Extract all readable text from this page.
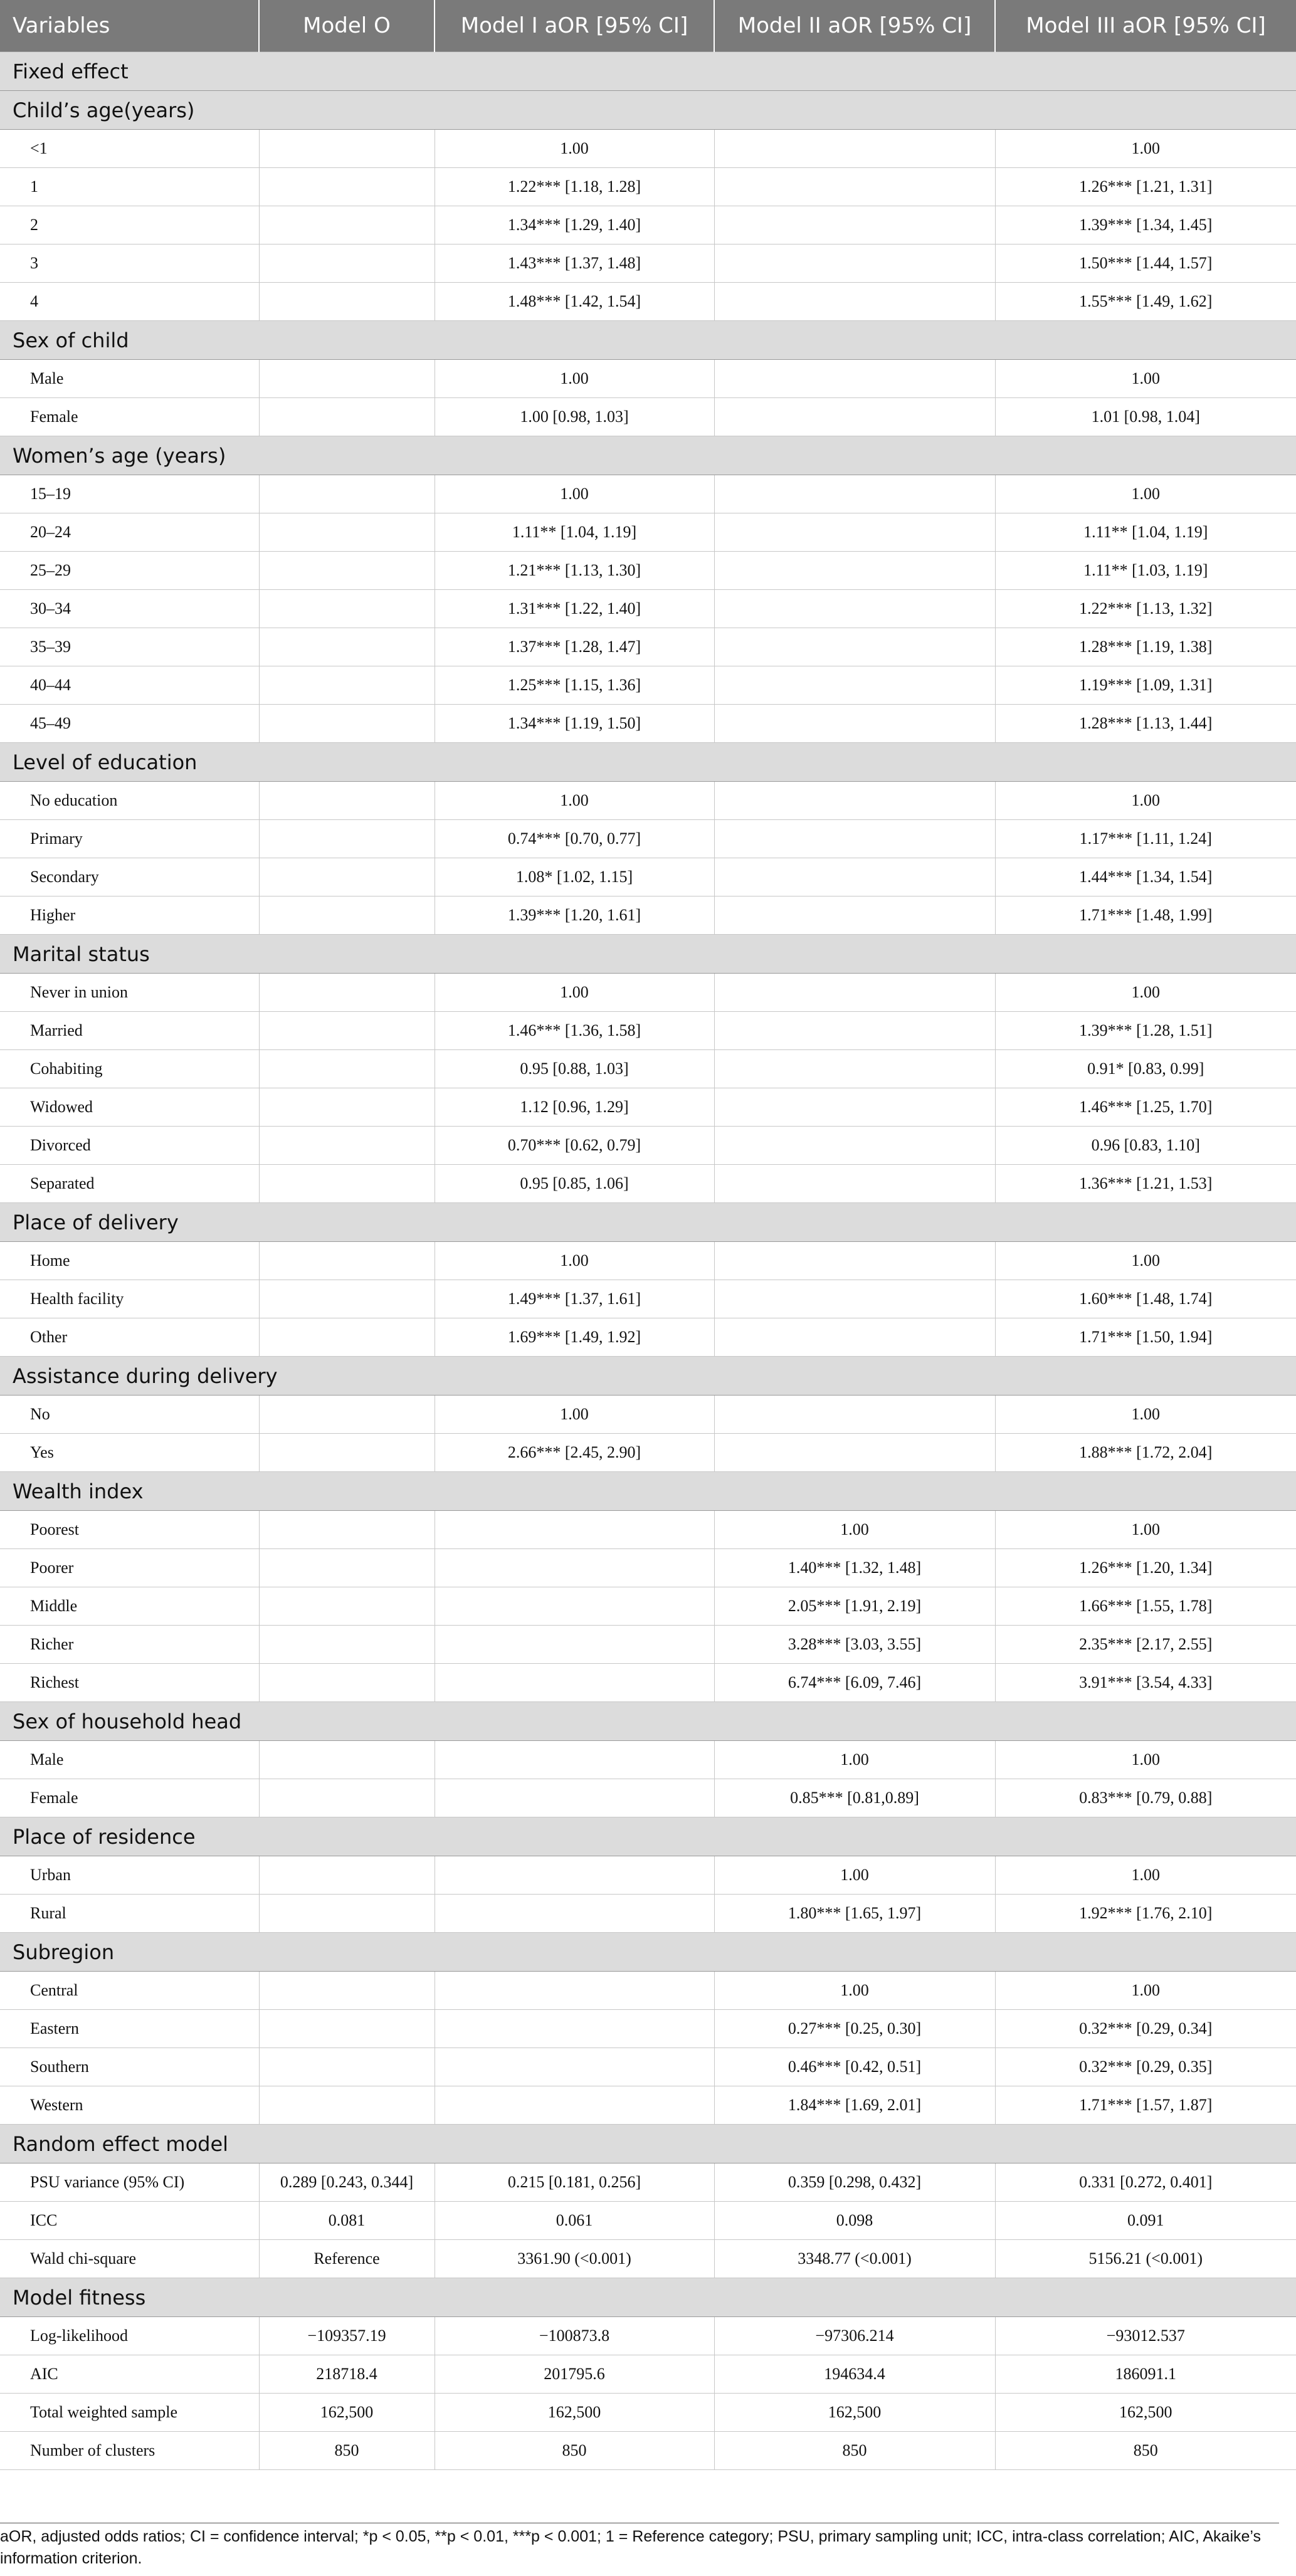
Variables	Model O	Model I aOR [95% CI]	Model II aOR [95% CI]	Model III aOR [95% CI]
Fixed effect				
Child’s age(years)				
<1		1.00		1.00
1		1.22*** [1.18, 1.28]		1.26*** [1.21, 1.31]
2		1.34*** [1.29, 1.40]		1.39*** [1.34, 1.45]
3		1.43*** [1.37, 1.48]		1.50*** [1.44, 1.57]
4		1.48*** [1.42, 1.54]		1.55*** [1.49, 1.62]
Sex of child				
Male		1.00		1.00
Female		1.00 [0.98, 1.03]		1.01 [0.98, 1.04]
Women’s age (years)				
15–19		1.00		1.00
20–24		1.11** [1.04, 1.19]		1.11** [1.04, 1.19]
25–29		1.21*** [1.13, 1.30]		1.11** [1.03, 1.19]
30–34		1.31*** [1.22, 1.40]		1.22*** [1.13, 1.32]
35–39		1.37*** [1.28, 1.47]		1.28*** [1.19, 1.38]
40–44		1.25*** [1.15, 1.36]		1.19*** [1.09, 1.31]
45–49		1.34*** [1.19, 1.50]		1.28*** [1.13, 1.44]
Level of education				
No education		1.00		1.00
Primary		0.74*** [0.70, 0.77]		1.17*** [1.11, 1.24]
Secondary		1.08* [1.02, 1.15]		1.44*** [1.34, 1.54]
Higher		1.39*** [1.20, 1.61]		1.71*** [1.48, 1.99]
Marital status				
Never in union		1.00		1.00
Married		1.46*** [1.36, 1.58]		1.39*** [1.28, 1.51]
Cohabiting		0.95 [0.88, 1.03]		0.91* [0.83, 0.99]
Widowed		1.12 [0.96, 1.29]		1.46*** [1.25, 1.70]
Divorced		0.70*** [0.62, 0.79]		0.96 [0.83, 1.10]
Separated		0.95 [0.85, 1.06]		1.36*** [1.21, 1.53]
Place of delivery				
Home		1.00		1.00
Health facility		1.49*** [1.37, 1.61]		1.60*** [1.48, 1.74]
Other		1.69*** [1.49, 1.92]		1.71*** [1.50, 1.94]
Assistance during delivery				
No		1.00		1.00
Yes		2.66*** [2.45, 2.90]		1.88*** [1.72, 2.04]
Wealth index				
Poorest			1.00	1.00
Poorer			1.40*** [1.32, 1.48]	1.26*** [1.20, 1.34]
Middle			2.05*** [1.91, 2.19]	1.66*** [1.55, 1.78]
Richer			3.28*** [3.03, 3.55]	2.35*** [2.17, 2.55]
Richest			6.74*** [6.09, 7.46]	3.91*** [3.54, 4.33]
Sex of household head				
Male			1.00	1.00
Female			0.85*** [0.81,0.89]	0.83*** [0.79, 0.88]
Place of residence				
Urban			1.00	1.00
Rural			1.80*** [1.65, 1.97]	1.92*** [1.76, 2.10]
Subregion				
Central			1.00	1.00
Eastern			0.27*** [0.25, 0.30]	0.32*** [0.29, 0.34]
Southern			0.46*** [0.42, 0.51]	0.32*** [0.29, 0.35]
Western			1.84*** [1.69, 2.01]	1.71*** [1.57, 1.87]
Random effect model				
PSU variance (95% CI)	0.289 [0.243, 0.344]	0.215 [0.181, 0.256]	0.359 [0.298, 0.432]	0.331 [0.272, 0.401]
ICC	0.081	0.061	0.098	0.091
Wald chi-square	Reference	3361.90 (<0.001)	3348.77 (<0.001)	5156.21 (<0.001)
Model fitness				
Log-likelihood	−109357.19	−100873.8	−97306.214	−93012.537
AIC	218718.4	201795.6	194634.4	186091.1
Total weighted sample	162,500	162,500	162,500	162,500
Number of clusters	850	850	850	850
aOR, adjusted odds ratios; CI = confidence interval; *p < 0.05, **p < 0.01, ***p < 0.001; 1 = Reference category; PSU, primary sampling unit; ICC, intra-class correlation; AIC, Akaike’s information criterion.
